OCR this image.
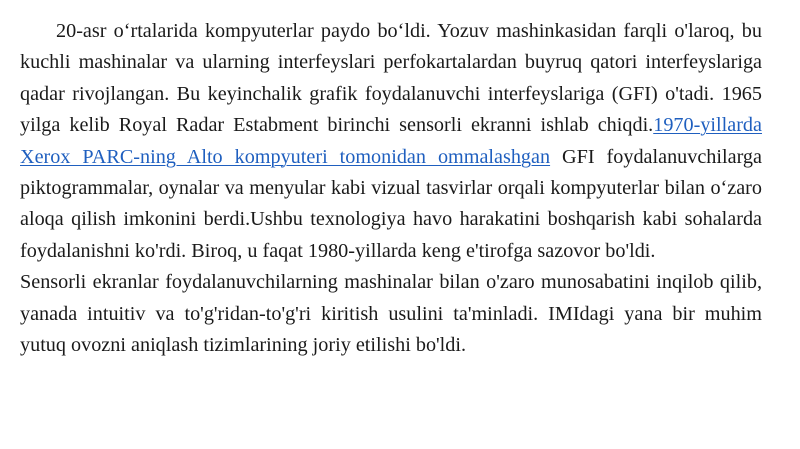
20-asr o‘rtalarida kompyuterlar paydo bo‘ldi. Yozuv mashinkasidan farqli o'laroq, bu kuchli mashinalar va ularning interfeyslari perfokartalardan buyruq qatori interfeyslariga qadar rivojlangan. Bu keyinchalik grafik foydalanuvchi interfeyslariga (GFI) o'tadi. 1965 yilga kelib Royal Radar Estabment birinchi sensorli ekranni ishlab chiqdi.1970-yillarda Xerox PARC-ning Alto kompyuteri tomonidan ommalashgan GFI foydalanuvchilarga piktogrammalar, oynalar va menyular kabi vizual tasvirlar orqali kompyuterlar bilan o‘zaro aloqa qilish imkonini berdi.Ushbu texnologiya havo harakatini boshqarish kabi sohalarda foydalanishni ko'rdi. Biroq, u faqat 1980-yillarda keng e'tirofga sazovor bo'ldi.

Sensorli ekranlar foydalanuvchilarning mashinalar bilan o'zaro munosabatini inqilob qilib, yanada intuitiv va to'g'ridan-to'g'ri kiritish usulini ta'minladi. IMIdagi yana bir muhim yutuq ovozni aniqlash tizimlarining joriy etilishi bo'ldi.
